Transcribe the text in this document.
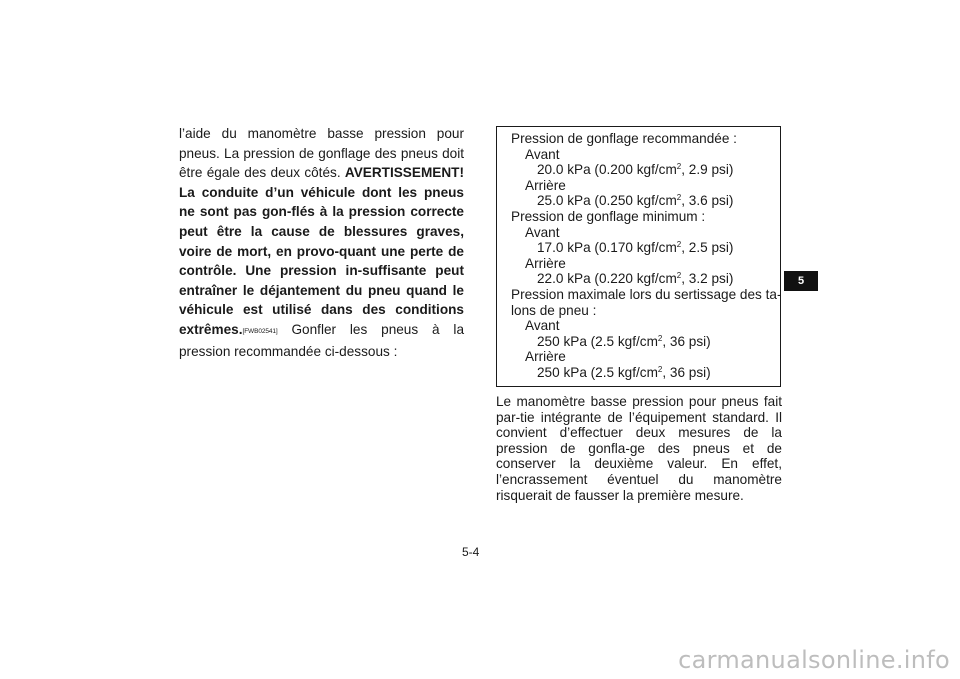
l’aide du manomètre basse pression pour pneus. La pression de gonflage des pneus doit être égale des deux côtés. AVERTISSEMENT! La conduite d’un véhicule dont les pneus ne sont pas gon-flés à la pression correcte peut être la cause de blessures graves, voire de mort, en provo-quant une perte de contrôle. Une pression in-suffisante peut entraîner le déjantement du pneu quand le véhicule est utilisé dans des conditions extrêmes.[FWB02541] Gonfler les pneus à la pression recommandée ci-dessous :

Pression de gonflage recommandée :
Avant
20.0 kPa (0.200 kgf/$cm^2$, 2.9 psi)
Arrière
25.0 kPa (0.250 kgf/$cm^2$, 3.6 psi)
Pression de gonflage minimum :
Avant
17.0 kPa (0.170 kgf/$cm^2$, 2.5 psi)
Arrière
22.0 kPa (0.220 kgf/$cm^2$, 3.2 psi)
Pression maximale lors du sertissage des ta-
lons de pneu :
Avant
250 kPa (2.5 kgf/$cm^2$, 36 psi)
Arrière
250 kPa (2.5 kgf/$cm^2$, 36 psi)

Le manomètre basse pression pour pneus fait par-tie intégrante de l’équipement standard. Il convient d’effectuer deux mesures de la pression de gonfla-ge des pneus et de conserver la deuxième valeur. En effet, l’encrassement éventuel du manomètre risquerait de fausser la première mesure.

5
5-4
carmanualsonline.info
